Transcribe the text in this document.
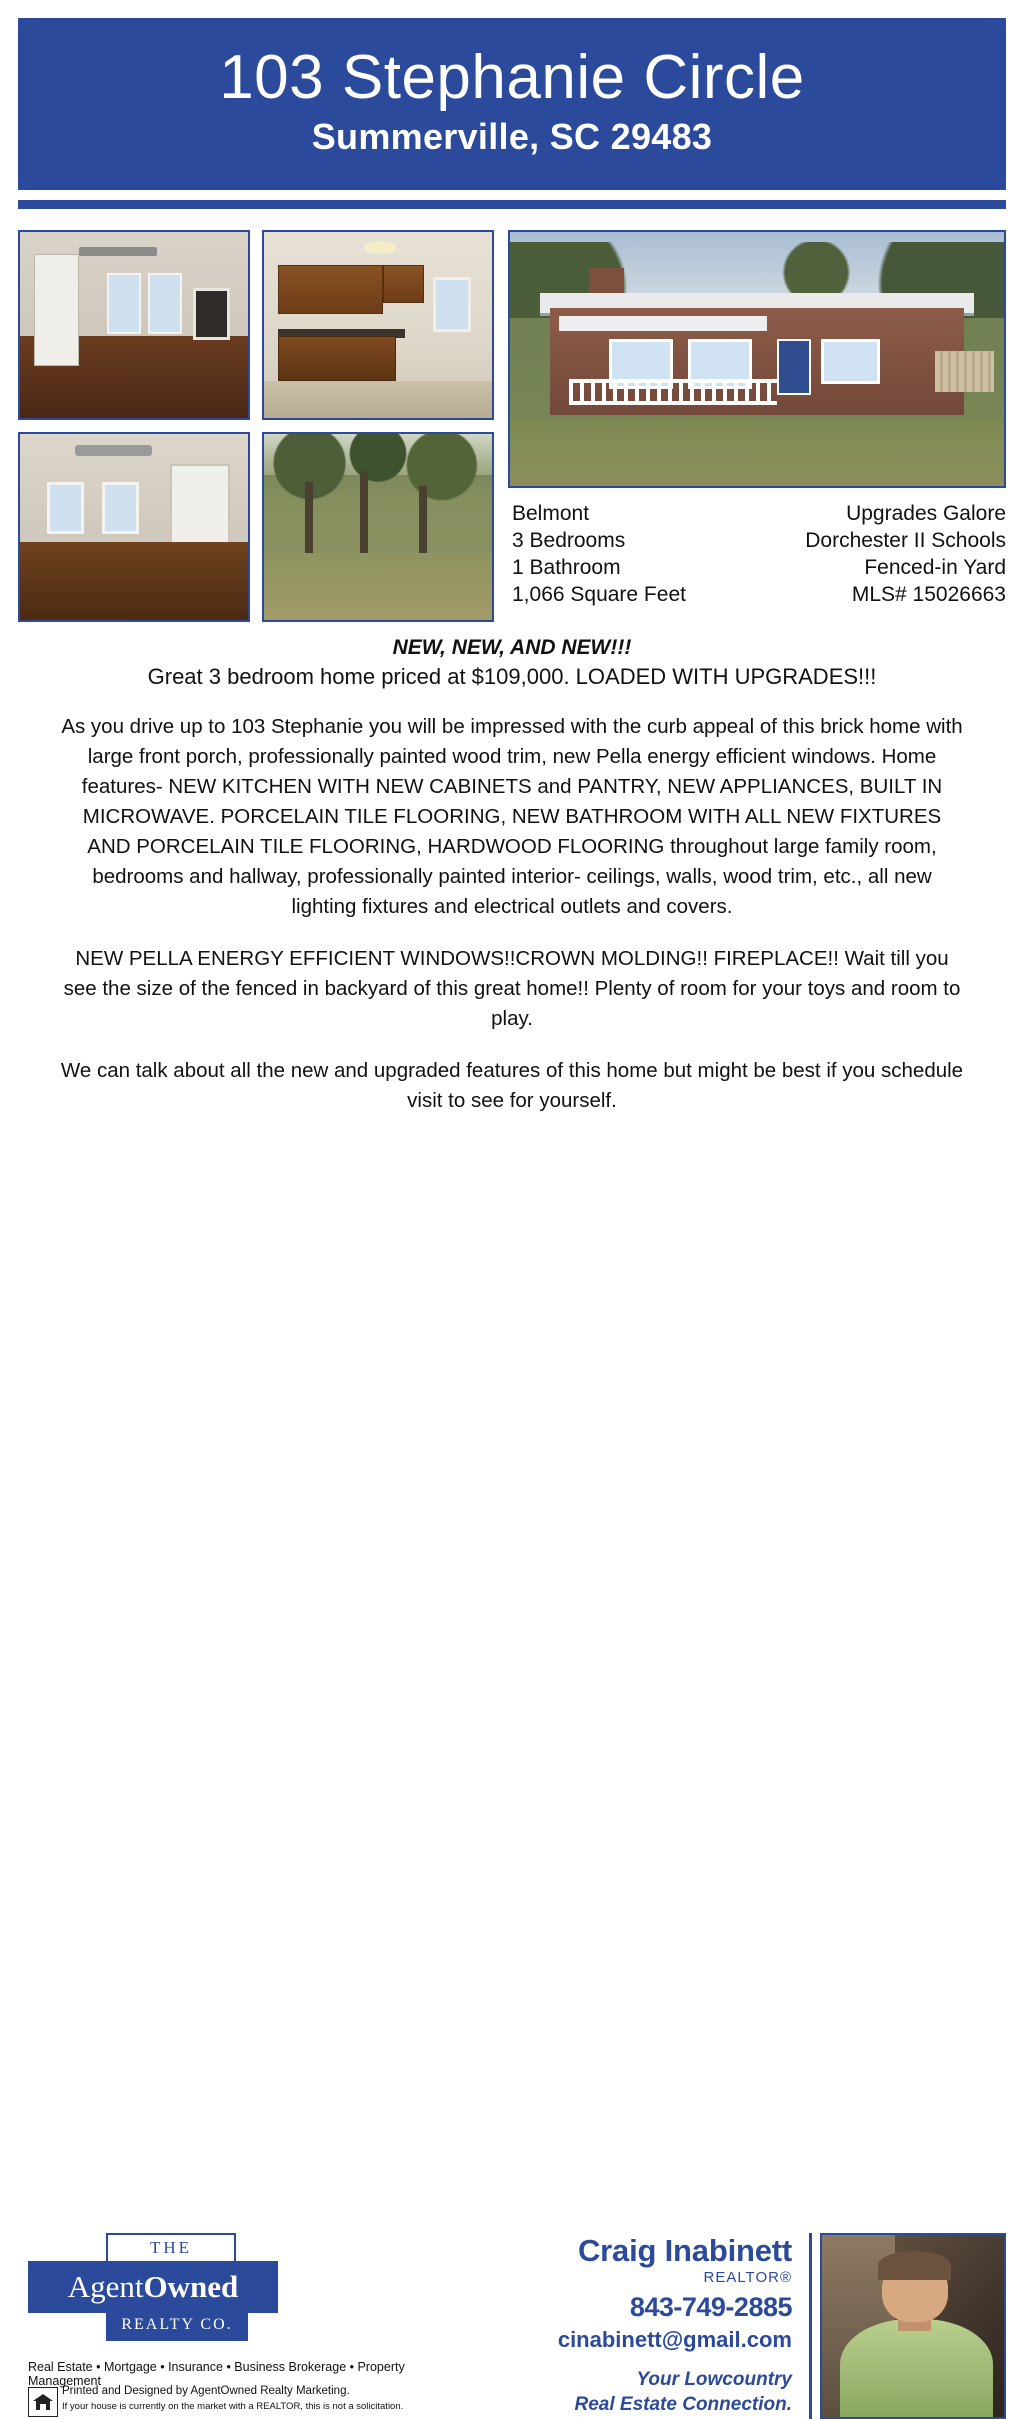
103 Stephanie Circle
Summerville, SC 29483
Belmont
3 Bedrooms
1 Bathroom
1,066 Square Feet
Upgrades Galore
Dorchester II Schools
Fenced-in Yard
MLS# 15026663
NEW, NEW, AND NEW!!!
Great 3 bedroom home priced at $109,000. LOADED WITH UPGRADES!!!

As you drive up to 103 Stephanie you will be impressed with the curb appeal of this brick home with large front porch, professionally painted wood trim, new Pella energy efficient windows. Home features- NEW KITCHEN WITH NEW CABINETS and PANTRY, NEW APPLIANCES, BUILT IN MICROWAVE. PORCELAIN TILE FLOORING, NEW BATHROOM WITH ALL NEW FIXTURES AND PORCELAIN TILE FLOORING, HARDWOOD FLOORING throughout large family room, bedrooms and hallway, professionally painted interior- ceilings, walls, wood trim, etc., all new lighting fixtures and electrical outlets and covers.

NEW PELLA ENERGY EFFICIENT WINDOWS!!CROWN MOLDING!! FIREPLACE!! Wait till you see the size of the fenced in backyard of this great home!! Plenty of room for your toys and room to play.

We can talk about all the new and upgraded features of this home but might be best if you schedule visit to see for yourself.

THE
AgentOwned
REALTY CO.
Real Estate • Mortgage • Insurance • Business Brokerage • Property Management
Printed and Designed by AgentOwned Realty Marketing.
If your house is currently on the market with a REALTOR, this is not a solicitation.
Craig Inabinett
REALTOR®
843-749-2885
cinabinett@gmail.com
Your Lowcountry
Real Estate Connection.
